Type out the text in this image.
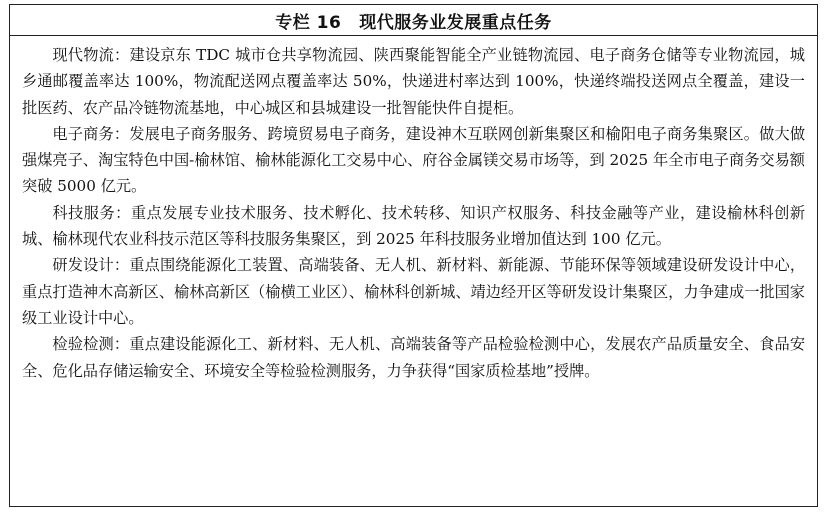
专栏 16 现代服务业发展重点任务

现代物流：建设京东 TDC 城市仓共享物流园、陕西聚能智能全产业链物流园、电子商务仓储等专业物流园，城乡通邮覆盖率达 100%，物流配送网点覆盖率达 50%，快递进村率达到 100%，快递终端投送网点全覆盖，建设一批医药、农产品冷链物流基地，中心城区和县城建设一批智能快件自提柜。

电子商务：发展电子商务服务、跨境贸易电子商务，建设神木互联网创新集聚区和榆阳电子商务集聚区。做大做强煤亮子、淘宝特色中国-榆林馆、榆林能源化工交易中心、府谷金属镁交易市场等，到 2025 年全市电子商务交易额突破 5000 亿元。

科技服务：重点发展专业技术服务、技术孵化、技术转移、知识产权服务、科技金融等产业，建设榆林科创新城、榆林现代农业科技示范区等科技服务集聚区，到 2025 年科技服务业增加值达到 100 亿元。

研发设计：重点围绕能源化工装置、高端装备、无人机、新材料、新能源、节能环保等领域建设研发设计中心，重点打造神木高新区、榆林高新区（榆横工业区）、榆林科创新城、靖边经开区等研发设计集聚区，力争建成一批国家级工业设计中心。

检验检测：重点建设能源化工、新材料、无人机、高端装备等产品检验检测中心，发展农产品质量安全、食品安全、危化品存储运输安全、环境安全等检验检测服务，力争获得“国家质检基地”授牌。
